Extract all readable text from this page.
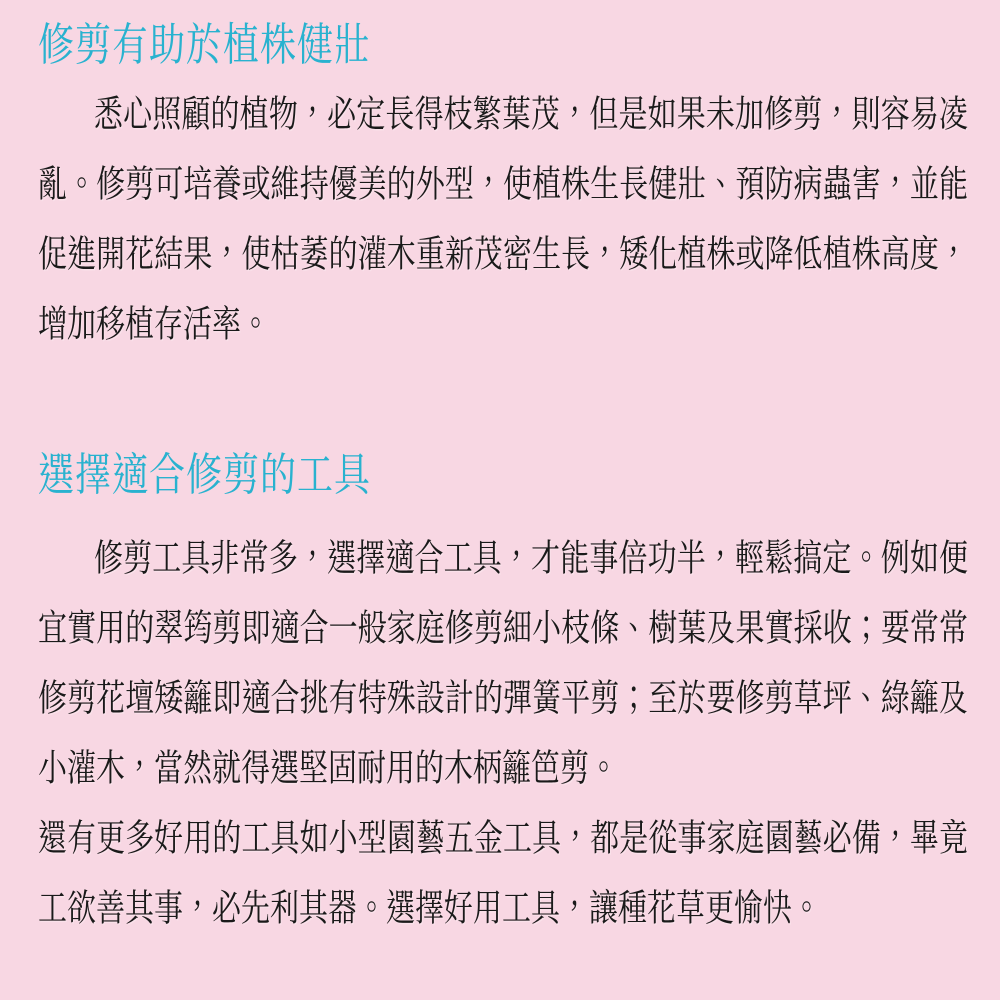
修剪有助於植株健壯
悉心照顧的植物，必定長得枝繁葉茂，但是如果未加修剪，則容易凌
亂。修剪可培養或維持優美的外型，使植株生長健壯、預防病蟲害，並能
促進開花結果，使枯萎的灌木重新茂密生長，矮化植株或降低植株高度，
增加移植存活率。
選擇適合修剪的工具
修剪工具非常多，選擇適合工具，才能事倍功半，輕鬆搞定。例如便
宜實用的翠筠剪即適合一般家庭修剪細小枝條、樹葉及果實採收；要常常
修剪花壇矮籬即適合挑有特殊設計的彈簧平剪；至於要修剪草坪、綠籬及
小灌木，當然就得選堅固耐用的木柄籬笆剪。
還有更多好用的工具如小型園藝五金工具，都是從事家庭園藝必備，畢竟
工欲善其事，必先利其器。選擇好用工具，讓種花草更愉快。
